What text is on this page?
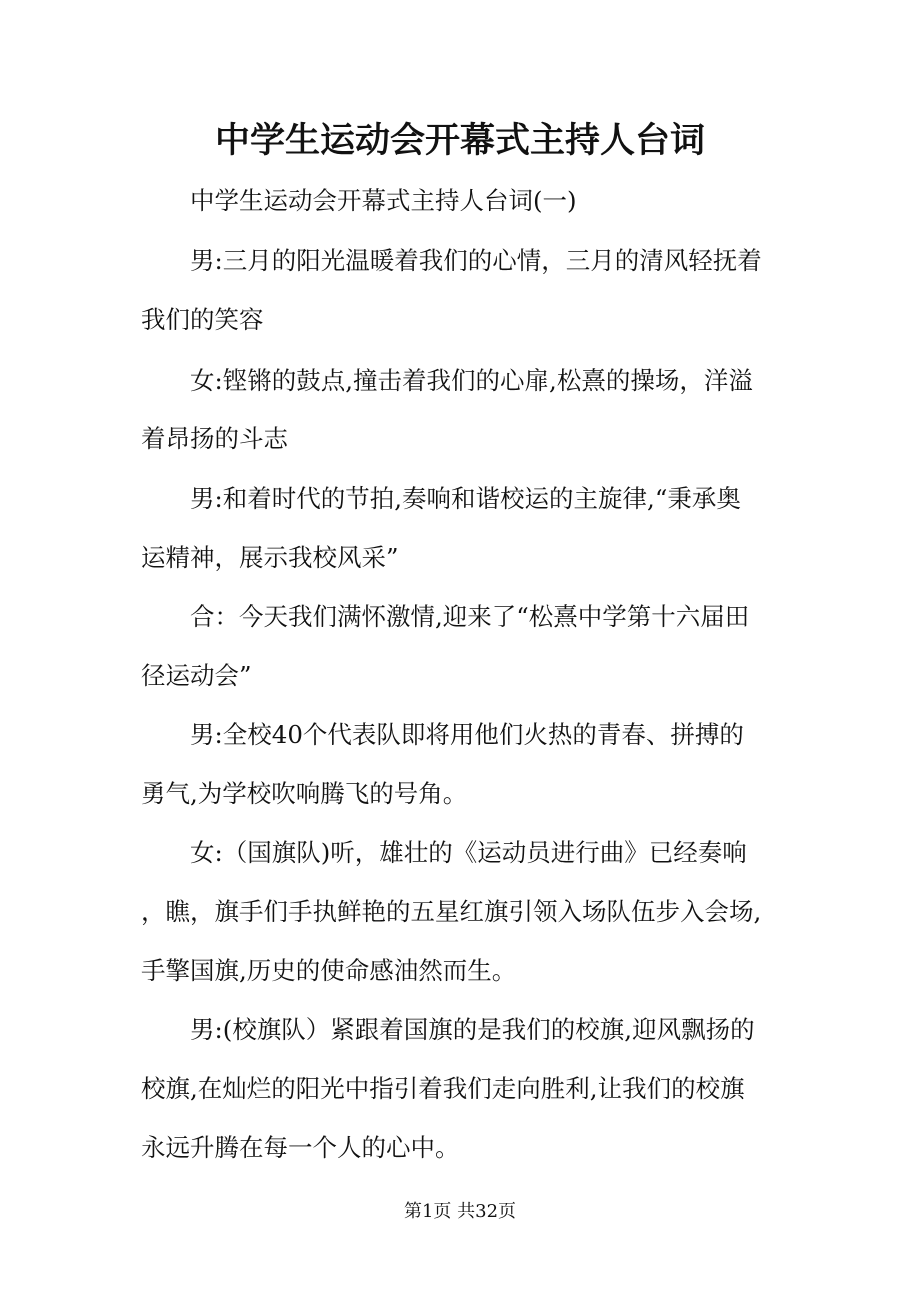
中学生运动会开幕式主持人台词

中学生运动会开幕式主持人台词(一)

男:三月的阳光温暖着我们的心情，三月的清风轻抚着

我们的笑容

女:铿锵的鼓点,撞击着我们的心扉,松熹的操场，洋溢

着昂扬的斗志

男:和着时代的节拍,奏响和谐校运的主旋律,“秉承奥

运精神，展示我校风采”

合：今天我们满怀激情,迎来了“松熹中学第十六届田

径运动会”

男:全校40个代表队即将用他们火热的青春、拼搏的

勇气,为学校吹响腾飞的号角。

女:（国旗队)听，雄壮的《运动员进行曲》已经奏响

，瞧，旗手们手执鲜艳的五星红旗引领入场队伍步入会场,

手擎国旗,历史的使命感油然而生。

男:(校旗队）紧跟着国旗的是我们的校旗,迎风飘扬的

校旗,在灿烂的阳光中指引着我们走向胜利,让我们的校旗

永远升腾在每一个人的心中。

第1页 共32页
